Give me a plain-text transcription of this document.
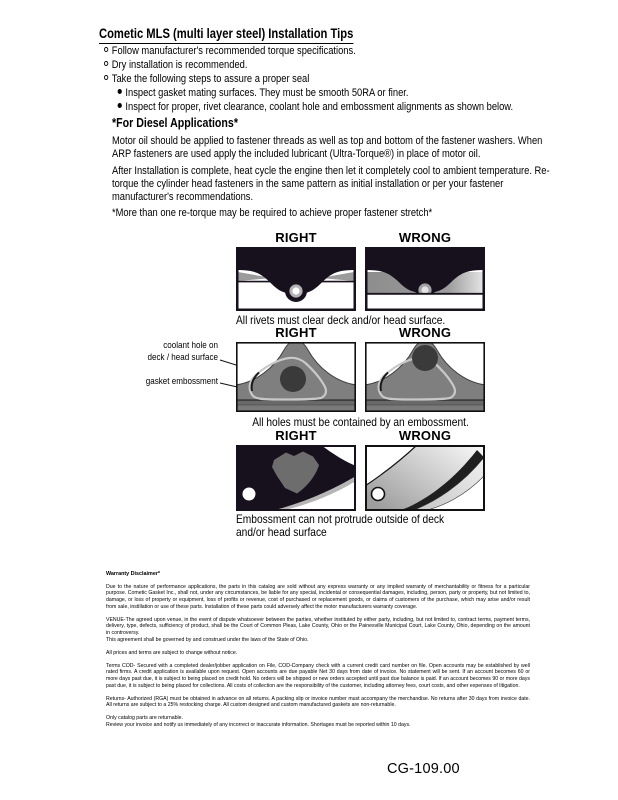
Cometic MLS (multi layer steel) Installation Tips
Follow manufacturer's recommended torque specifications.
Dry installation is recommended.
Take the following steps to assure a proper seal
Inspect gasket mating surfaces. They must be smooth 50RA or finer.
Inspect for proper, rivet clearance, coolant hole and embossment alignments as shown below.
*For Diesel Applications*

Motor oil should be applied to fastener threads as well as top and bottom of the fastener washers. When ARP fasteners are used apply the included lubricant (Ultra-Torque®) in place of motor oil.

After Installation is complete, heat cycle the engine then let it completely cool to ambient temperature. Re-torque the cylinder head fasteners in the same pattern as initial installation or per your fastener manufacturer's recommendations.

*More than one re-torque may be required to achieve proper fastener stretch*

RIGHT	WRONG
All rivets must clear deck and/or head surface.
RIGHT	WRONG
coolant hole on
deck / head surface
gasket embossment
All holes must be contained by an embossment.
RIGHT	WRONG
Embossment can not protrude outside of deck
and/or head surface

Warranty Disclaimer*

Due to the nature of performance applications, the parts in this catalog are sold without any express warranty or any implied warranty of merchantability or fitness for a particular purpose. Cometic Gasket Inc., shall not, under any circumstances, be liable for any special, incidental or consequential damages, including, person, party or property, but not limited to, damage, or loss of property or equipment, loss of profits or revenue, cost of purchased or replacement goods, or claims of customers of the purchase, which may arise and/or result from sale, instillation or use of these parts. Installation of these parts could adversely affect the motor manufacturers warranty coverage.

VENUE-The agreed upon venue, in the event of dispute whatsoever between the parties, whether instituted by either party, including, but not limited to, contract terms, payment terms, delivery, type, defects, sufficiency of product, shall be the Court of Common Pleas, Lake County, Ohio or the Painesville Municipal Court, Lake County, Ohio, depending on the amount in controversy.
This agreement shall be governed by and construed under the laws of the State of Ohio.

All prices and terms are subject to change without notice.

Terms COD- Secured with a completed dealer/jobber application on File, COD-Company check with a current credit card number on file. Open accounts may be established by well rated firms. A credit application is available upon request. Open accounts are due payable Net 30 days from date of invoice. No statement will be sent. If an account becomes 60 or more days past due, it is subject to being placed on credit hold. No orders will be shipped or new orders accepted until past due balance is paid. If an account becomes 90 or more days past due, it is subject to being placed for collections. All costs of collection are the responsibility of the customer, including attorney fees, court costs, and other expenses of litigation.

Returns- Authorized (RGA) must be obtained in advance on all returns. A packing slip or invoice number must accompany the merchandise. No returns after 30 days from invoice date. All returns are subject to a 25% restocking charge. All custom designed and custom manufactured gaskets are non-returnable.

Only catalog parts are returnable.
Review your invoice and notify us immediately of any incorrect or inaccurate information. Shortages must be reported within 10 days.

CG-109.00
